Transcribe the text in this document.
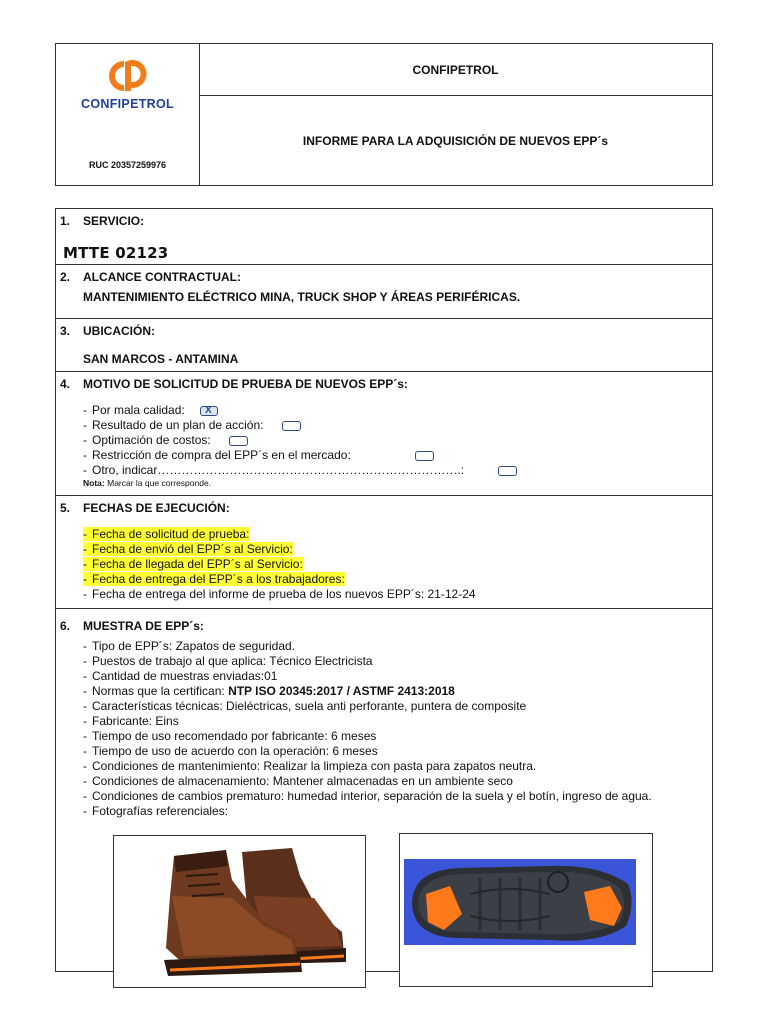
CONFIPETROL
RUC 20357259976
CONFIPETROL
INFORME PARA LA ADQUISICIÓN DE NUEVOS EPP´s
1. SERVICIO:
MTTE 02123
2. ALCANCE CONTRACTUAL:
MANTENIMIENTO ELÉCTRICO MINA, TRUCK SHOP Y ÁREAS PERIFÉRICAS.
3. UBICACIÓN:
SAN MARCOS - ANTAMINA
4. MOTIVO DE SOLICITUD DE PRUEBA DE NUEVOS EPP´s:
- Por mala calidad:
X
- Resultado de un plan de acción:
- Optimación de costos:
- Restricción de compra del EPP´s en el mercado:
- Otro, indicar………………………………………………………………….:
Nota: Marcar la que corresponde.
5. FECHAS DE EJECUCIÓN:
- Fecha de solicitud de prueba:
- Fecha de envió del EPP´s al Servicio:
- Fecha de llegada del EPP´s al Servicio:
- Fecha de entrega del EPP´s a los trabajadores:
- Fecha de entrega del informe de prueba de los nuevos EPP´s: 21-12-24
6. MUESTRA DE EPP´s:
- Tipo de EPP´s: Zapatos de seguridad.
- Puestos de trabajo al que aplica: Técnico Electricista
- Cantidad de muestras enviadas:01
- Normas que la certifican: NTP ISO 20345:2017 / ASTMF 2413:2018
- Características técnicas: Dieléctricas, suela anti perforante, puntera de composite
- Fabricante: Eins
- Tiempo de uso recomendado por fabricante: 6 meses
- Tiempo de uso de acuerdo con la operación: 6 meses
- Condiciones de mantenimiento: Realizar la limpieza con pasta para zapatos neutra.
- Condiciones de almacenamiento: Mantener almacenadas en un ambiente seco
- Condiciones de cambios prematuro: humedad interior, separación de la suela y el botín, ingreso de agua.
- Fotografías referenciales:
